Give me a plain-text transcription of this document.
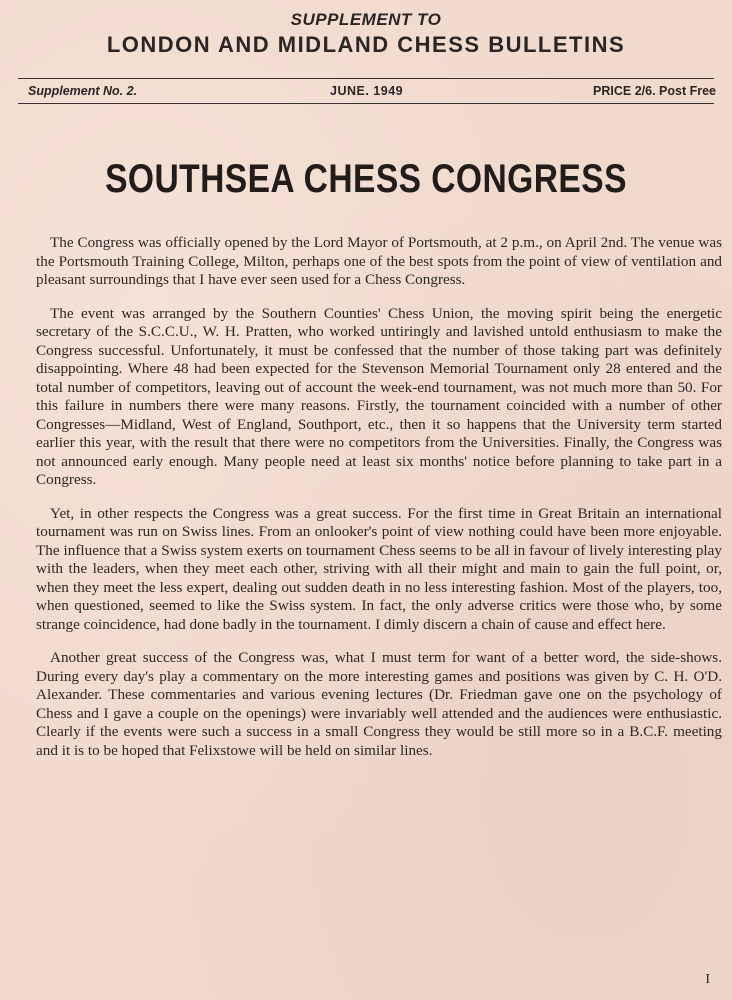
SUPPLEMENT TO
LONDON AND MIDLAND CHESS BULLETINS
Supplement No. 2.	JUNE. 1949	PRICE 2/6. Post Free
SOUTHSEA CHESS CONGRESS

The Congress was officially opened by the Lord Mayor of Portsmouth, at 2 p.m., on April 2nd. The venue was the Portsmouth Training College, Milton, perhaps one of the best spots from the point of view of ventilation and pleasant surroundings that I have ever seen used for a Chess Congress.

The event was arranged by the Southern Counties' Chess Union, the moving spirit being the energetic secretary of the S.C.C.U., W. H. Pratten, who worked untiringly and lavished untold enthusiasm to make the Congress successful. Unfortunately, it must be confessed that the number of those taking part was definitely disappointing. Where 48 had been expected for the Stevenson Memorial Tournament only 28 entered and the total number of competitors, leaving out of account the week-end tournament, was not much more than 50. For this failure in numbers there were many reasons. Firstly, the tournament coincided with a number of other Congresses—Midland, West of England, Southport, etc., then it so happens that the University term started earlier this year, with the result that there were no competitors from the Universities. Finally, the Congress was not announced early enough. Many people need at least six months' notice before planning to take part in a Congress.

Yet, in other respects the Congress was a great success. For the first time in Great Britain an international tournament was run on Swiss lines. From an onlooker's point of view nothing could have been more enjoyable. The influence that a Swiss system exerts on tournament Chess seems to be all in favour of lively interesting play with the leaders, when they meet each other, striving with all their might and main to gain the full point, or, when they meet the less expert, dealing out sudden death in no less interesting fashion. Most of the players, too, when questioned, seemed to like the Swiss system. In fact, the only adverse critics were those who, by some strange coincidence, had done badly in the tournament. I dimly discern a chain of cause and effect here.

Another great success of the Congress was, what I must term for want of a better word, the side-shows. During every day's play a commentary on the more interesting games and positions was given by C. H. O'D. Alexander. These commentaries and various evening lectures (Dr. Friedman gave one on the psychology of Chess and I gave a couple on the openings) were invariably well attended and the audiences were enthusiastic. Clearly if the events were such a success in a small Congress they would be still more so in a B.C.F. meeting and it is to be hoped that Felixstowe will be held on similar lines.

I
